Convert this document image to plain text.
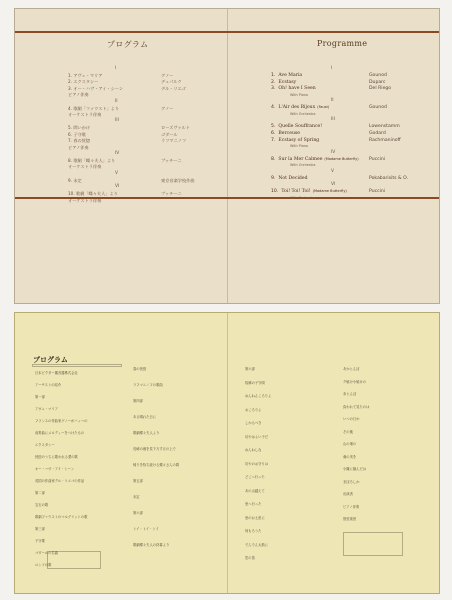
プログラム	Programme
I
1. アヴェ・マリア	グノー
2. エクスタシー	デュパルク
3. オー・ハヴ・アイ・シーン	デル・リエゴ
ピアノ伴奏
II
4. 歌劇「ファウスト」より	グノー
オーケストラ伴奏
III
5. 問いかけ	ローズヴァルト
6. 子守歌	ゴダール
7. 春の恍惚	ラフマニノフ
ピアノ伴奏
IV
8. 歌劇「蝶々夫人」より	プッチーニ
オーケストラ伴奏
V
9. 未定	東京音楽学校作曲
VI
10. 歌劇「蝶々夫人」より	プッチーニ
オーケストラ伴奏
I
1. Ave Maria	Gounod
2. Ecstasy	Duparc
3. Oh! have I Seen	Del Riego
With Piano
II
4. L'Air des Bijoux (Faust)	Gounod
With Orchestra
III
5. Quelle Souffrance!	Lowenstamm
6. Berceuse	Godard
7. Ecstasy of Spring	Rachmaninoff
With Piano
IV
8. Sur la Mer Calmee (Madame Butterfly) Puccini
With Orchestra
V
9. Not Decided	Pokabarisits & O.
VI
10. Toi! Toi! Toi! (Madame Butterfly)	Puccini
With Orchestra
プログラム
日本ビクター蓄音器株式会社
アーチストの紹介
第一部
アヴェ・マリア
フランスの作曲家グノーがバッハの
前奏曲にメロディーをつけたもの
エクスタシー
恍惚のうちに歌われる愛の歌
オー・ハヴ・アイ・シーン
英国の作曲家デル・リエゴの作品
第二部
宝石の歌
歌劇ファウストのマルグリットの歌
第三部
子守歌
ゴダールの名曲
ロンドの歌
春の恍惚
ラフマニノフの歌曲
第四部
ある晴れた日に
歌劇蝶々夫人より
長崎の港を見下ろす丘の上で
帰りを待ち続ける蝶々さんの歌
第五部
未定
第六部
トイ・トイ・トイ
歌劇蝶々夫人の終幕より
第六部
故郷の子守唄
ねんねんころりよ
おころりよ
しかるべき
坊やはよい子だ
ねんねしな
坊やのお守りは
どこへ行った
あの山越えて
里へ行った
里のお土産に
何もろうた
でんでん太鼓に
笙の笛
あかとんぼ
夕焼け小焼けの
赤とんぼ
負われて見たのは
いつの日か
その後
山の畑の
桑の実を
小籠に摘んだは
まぼろしか
出演者
ピアノ伴奏
管弦楽団
